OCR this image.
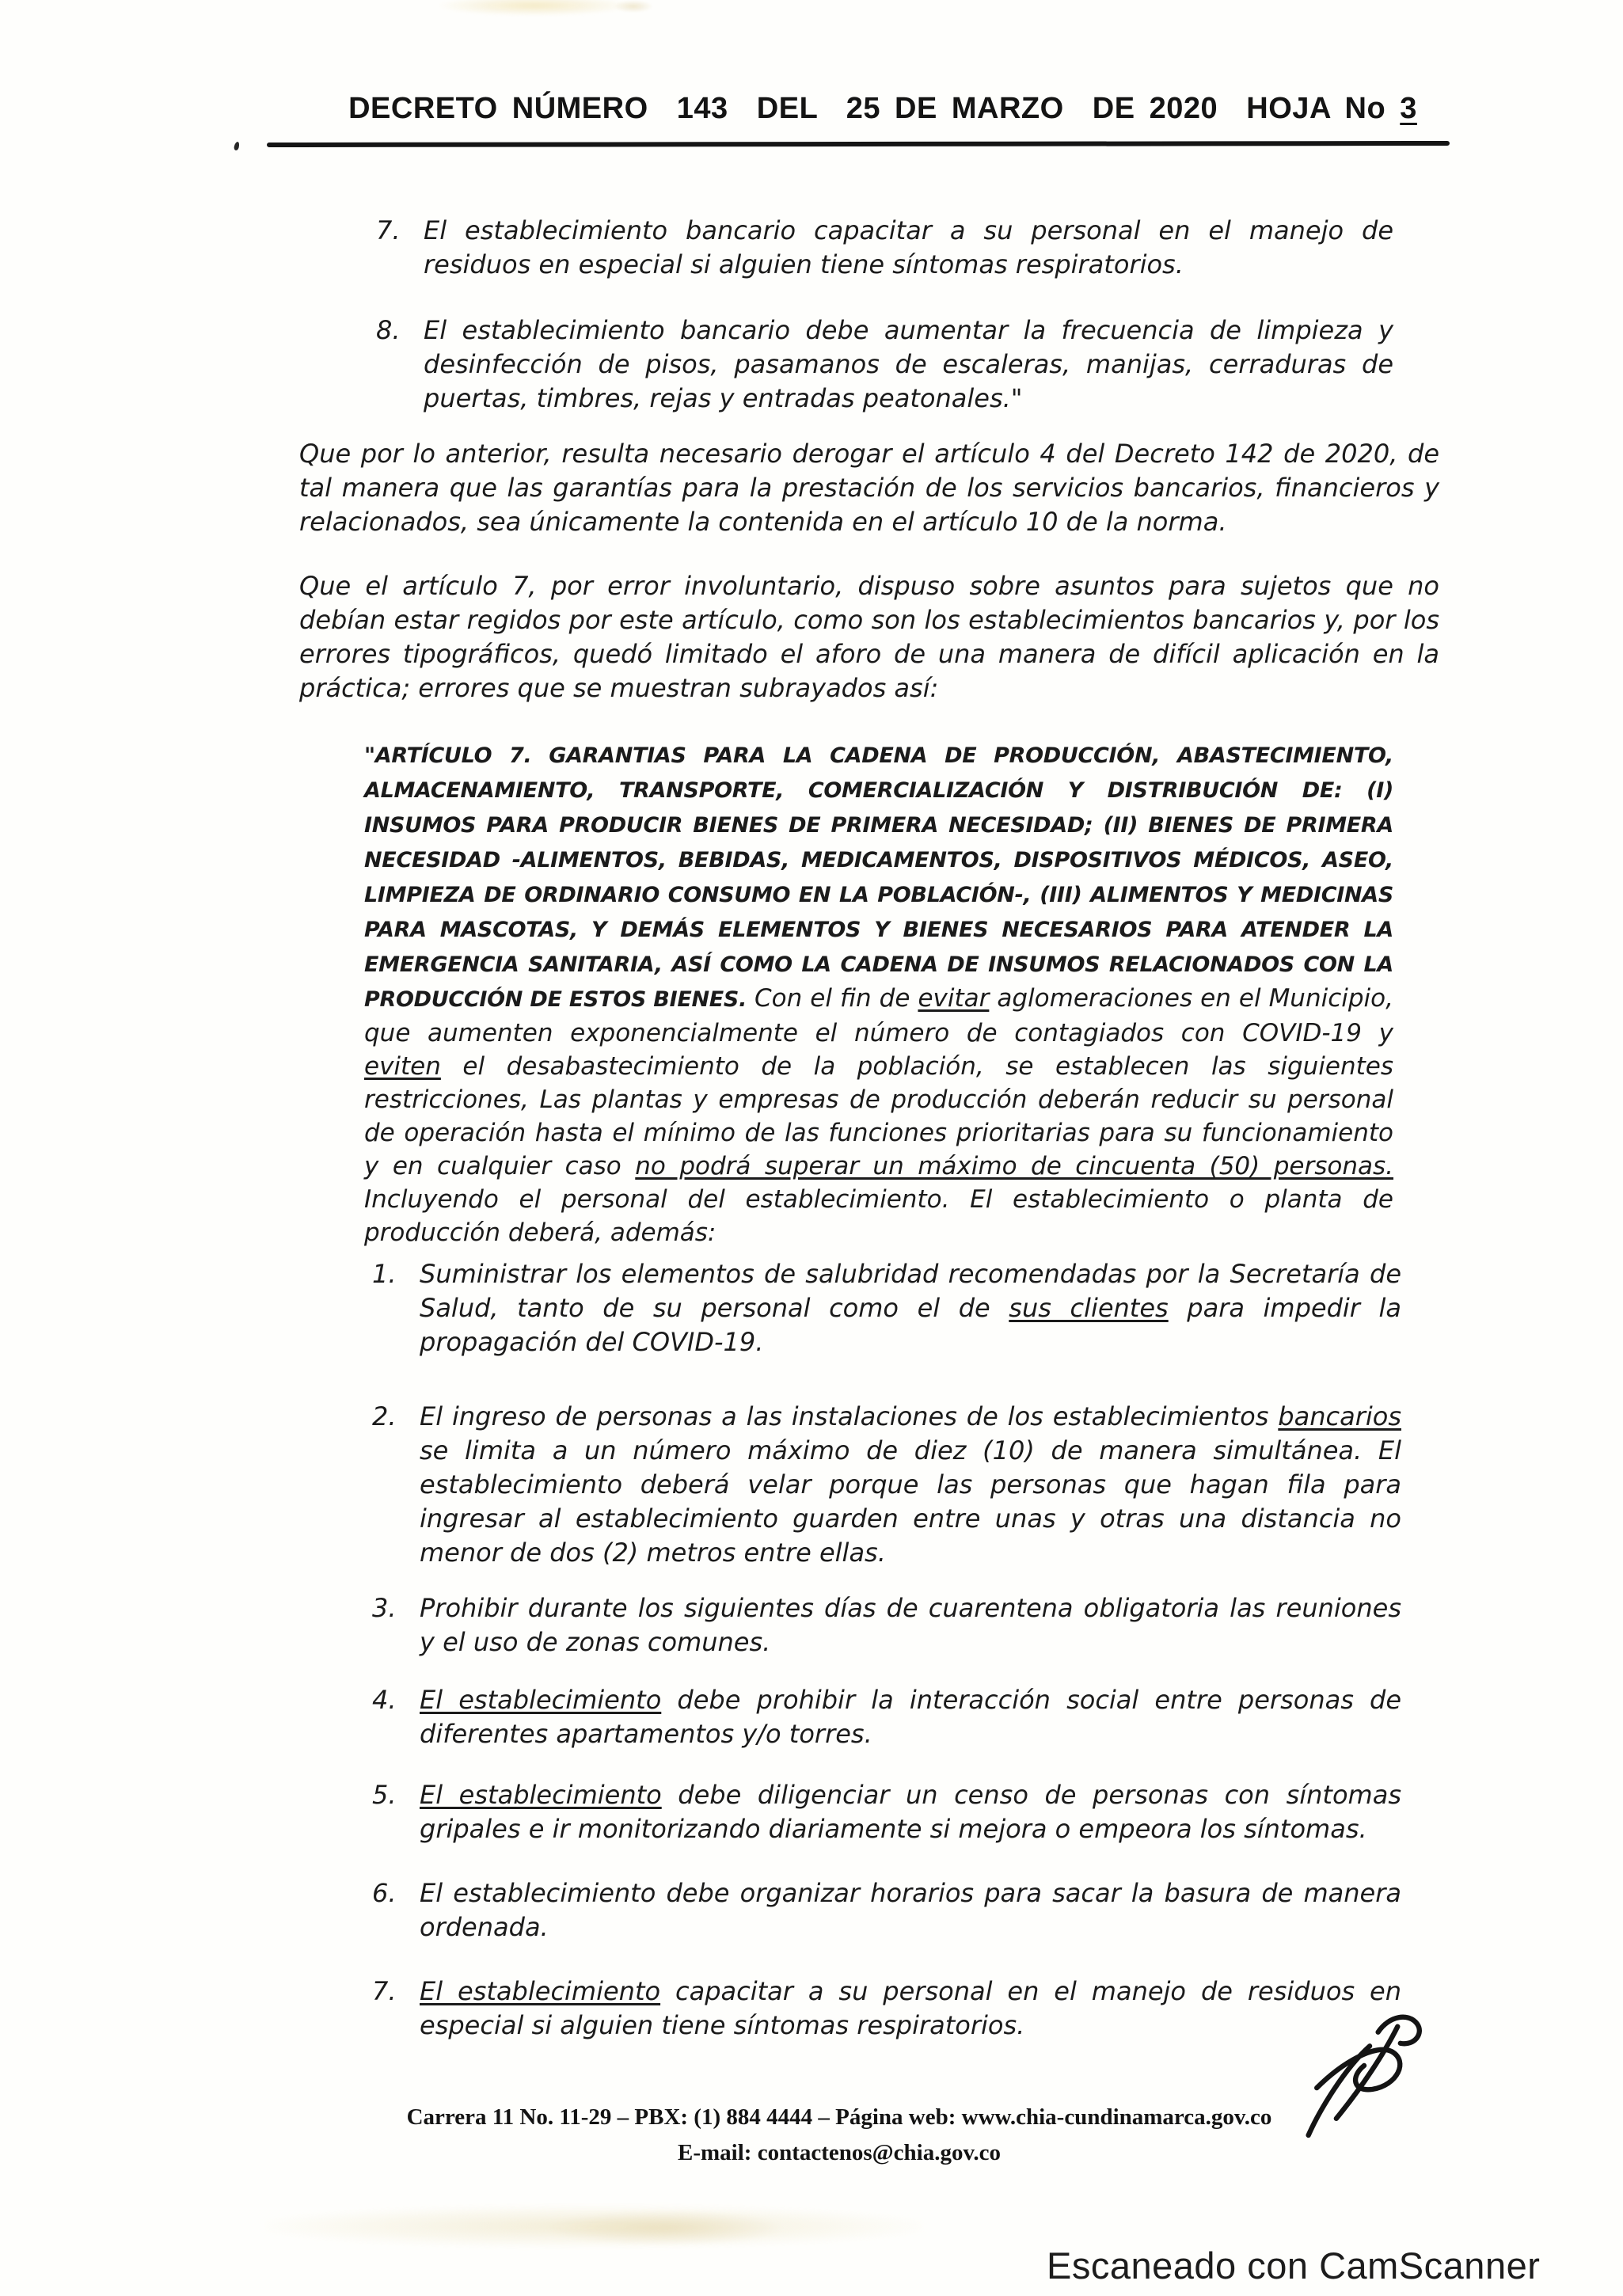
DECRETO NÚMERO  143  DEL  25 DE MARZO  DE 2020  HOJA No 3
7. El establecimiento bancario capacitar a su personal en el manejo de residuos en especial si alguien tiene síntomas respiratorios.
8. El establecimiento bancario debe aumentar la frecuencia de limpieza y desinfección de pisos, pasamanos de escaleras, manijas, cerraduras de puertas, timbres, rejas y entradas peatonales."
Que por lo anterior, resulta necesario derogar el artículo 4 del Decreto 142 de 2020, de tal manera que las garantías para la prestación de los servicios bancarios, financieros y relacionados, sea únicamente la contenida en el artículo 10 de la norma.
Que el artículo 7, por error involuntario, dispuso sobre asuntos para sujetos que no debían estar regidos por este artículo, como son los establecimientos bancarios y, por los errores tipográficos, quedó limitado el aforo de una manera de difícil aplicación en la práctica; errores que se muestran subrayados así:
"ARTÍCULO 7. GARANTIAS PARA LA CADENA DE PRODUCCIÓN, ABASTECIMIENTO, ALMACENAMIENTO, TRANSPORTE, COMERCIALIZACIÓN Y DISTRIBUCIÓN DE: (I) INSUMOS PARA PRODUCIR BIENES DE PRIMERA NECESIDAD; (II) BIENES DE PRIMERA NECESIDAD -ALIMENTOS, BEBIDAS, MEDICAMENTOS, DISPOSITIVOS MÉDICOS, ASEO, LIMPIEZA DE ORDINARIO CONSUMO EN LA POBLACIÓN-, (III) ALIMENTOS Y MEDICINAS PARA MASCOTAS, Y DEMÁS ELEMENTOS Y BIENES NECESARIOS PARA ATENDER LA EMERGENCIA SANITARIA, ASÍ COMO LA CADENA DE INSUMOS RELACIONADOS CON LA PRODUCCIÓN DE ESTOS BIENES. Con el fin de evitar aglomeraciones en el Municipio, que aumenten exponencialmente el número de contagiados con COVID-19 y eviten el desabastecimiento de la población, se establecen las siguientes restricciones, Las plantas y empresas de producción deberán reducir su personal de operación hasta el mínimo de las funciones prioritarias para su funcionamiento y en cualquier caso no podrá superar un máximo de cincuenta (50) personas. Incluyendo el personal del establecimiento. El establecimiento o planta de producción deberá, además:
1. Suministrar los elementos de salubridad recomendadas por la Secretaría de Salud, tanto de su personal como el de sus clientes para impedir la propagación del COVID-19.
2. El ingreso de personas a las instalaciones de los establecimientos bancarios se limita a un número máximo de diez (10) de manera simultánea. El establecimiento deberá velar porque las personas que hagan fila para ingresar al establecimiento guarden entre unas y otras una distancia no menor de dos (2) metros entre ellas.
3. Prohibir durante los siguientes días de cuarentena obligatoria las reuniones y el uso de zonas comunes.
4. El establecimiento debe prohibir la interacción social entre personas de diferentes apartamentos y/o torres.
5. El establecimiento debe diligenciar un censo de personas con síntomas gripales e ir monitorizando diariamente si mejora o empeora los síntomas.
6. El establecimiento debe organizar horarios para sacar la basura de manera ordenada.
7. El establecimiento capacitar a su personal en el manejo de residuos en especial si alguien tiene síntomas respiratorios.
Carrera 11 No. 11-29 – PBX: (1) 884 4444 – Página web: www.chia-cundinamarca.gov.co
E-mail: contactenos@chia.gov.co
Escaneado con CamScanner
